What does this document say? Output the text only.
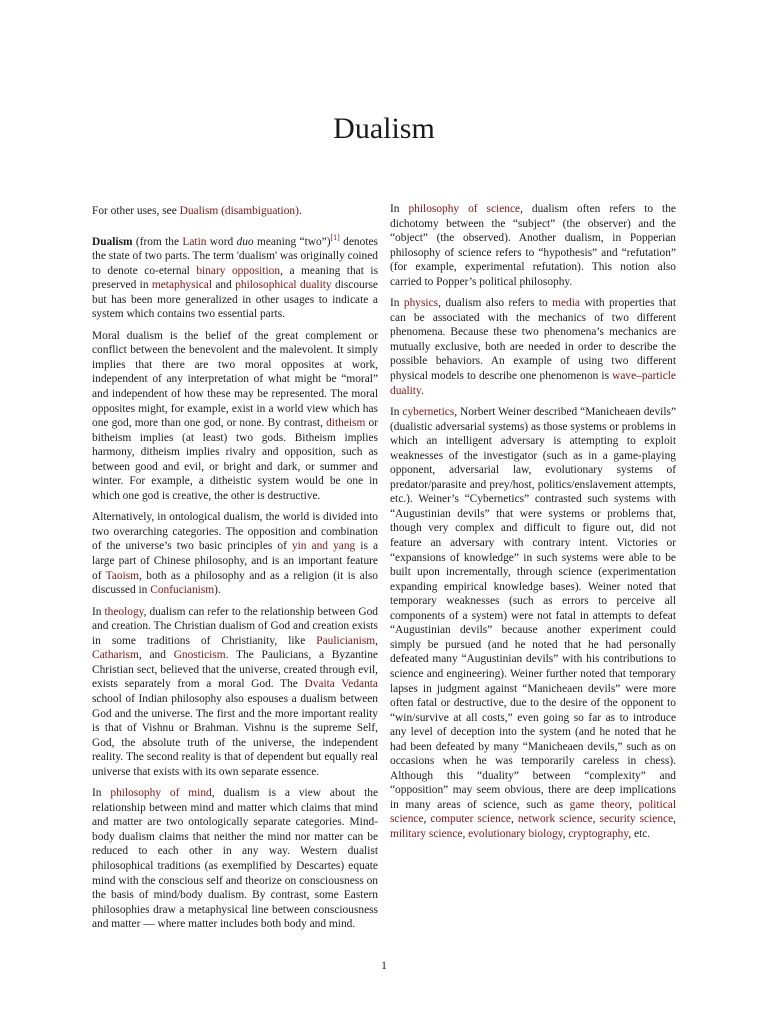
Dualism

For other uses, see Dualism (disambiguation).

Dualism (from the Latin word duo meaning “two”)[1] denotes the state of two parts. The term 'dualism' was originally coined to denote co-eternal binary opposition, a meaning that is preserved in metaphysical and philosophical duality discourse but has been more generalized in other usages to indicate a system which contains two essential parts.

Moral dualism is the belief of the great complement or conflict between the benevolent and the malevolent. It simply implies that there are two moral opposites at work, independent of any interpretation of what might be “moral” and independent of how these may be represented. The moral opposites might, for example, exist in a world view which has one god, more than one god, or none. By contrast, ditheism or bitheism implies (at least) two gods. Bitheism implies harmony, ditheism implies rivalry and opposition, such as between good and evil, or bright and dark, or summer and winter. For example, a ditheistic system would be one in which one god is creative, the other is destructive.

Alternatively, in ontological dualism, the world is divided into two overarching categories. The opposition and combination of the universe’s two basic principles of yin and yang is a large part of Chinese philosophy, and is an important feature of Taoism, both as a philosophy and as a religion (it is also discussed in Confucianism).

In theology, dualism can refer to the relationship between God and creation. The Christian dualism of God and creation exists in some traditions of Christianity, like Paulicianism, Catharism, and Gnosticism. The Paulicians, a Byzantine Christian sect, believed that the universe, created through evil, exists separately from a moral God. The Dvaita Vedanta school of Indian philosophy also espouses a dualism between God and the universe. The first and the more important reality is that of Vishnu or Brahman. Vishnu is the supreme Self, God, the absolute truth of the universe, the independent reality. The second reality is that of dependent but equally real universe that exists with its own separate essence.

In philosophy of mind, dualism is a view about the relationship between mind and matter which claims that mind and matter are two ontologically separate categories. Mind-body dualism claims that neither the mind nor matter can be reduced to each other in any way. Western dualist philosophical traditions (as exemplified by Descartes) equate mind with the conscious self and theorize on consciousness on the basis of mind/body dualism. By contrast, some Eastern philosophies draw a metaphysical line between consciousness and matter — where matter includes both body and mind.

In philosophy of science, dualism often refers to the dichotomy between the “subject” (the observer) and the “object” (the observed). Another dualism, in Popperian philosophy of science refers to “hypothesis” and “refutation” (for example, experimental refutation). This notion also carried to Popper’s political philosophy.

In physics, dualism also refers to media with properties that can be associated with the mechanics of two different phenomena. Because these two phenomena’s mechanics are mutually exclusive, both are needed in order to describe the possible behaviors. An example of using two different physical models to describe one phenomenon is wave–particle duality.

In cybernetics, Norbert Weiner described “Manicheaen devils” (dualistic adversarial systems) as those systems or problems in which an intelligent adversary is attempting to exploit weaknesses of the investigator (such as in a game-playing opponent, adversarial law, evolutionary systems of predator/parasite and prey/host, politics/enslavement attempts, etc.). Weiner’s “Cybernetics” contrasted such systems with “Augustinian devils” that were systems or problems that, though very complex and difficult to figure out, did not feature an adversary with contrary intent. Victories or “expansions of knowledge” in such systems were able to be built upon incrementally, through science (experimentation expanding empirical knowledge bases). Weiner noted that temporary weaknesses (such as errors to perceive all components of a system) were not fatal in attempts to defeat “Augustinian devils” because another experiment could simply be pursued (and he noted that he had personally defeated many “Augustinian devils” with his contributions to science and engineering). Weiner further noted that temporary lapses in judgment against “Manicheaen devils” were more often fatal or destructive, due to the desire of the opponent to “win/survive at all costs,” even going so far as to introduce any level of deception into the system (and he noted that he had been defeated by many “Manicheaen devils,” such as on occasions when he was temporarily careless in chess). Although this “duality” between “complexity” and “opposition” may seem obvious, there are deep implications in many areas of science, such as game theory, political science, computer science, network science, security science, military science, evolutionary biology, cryptography, etc.

1
